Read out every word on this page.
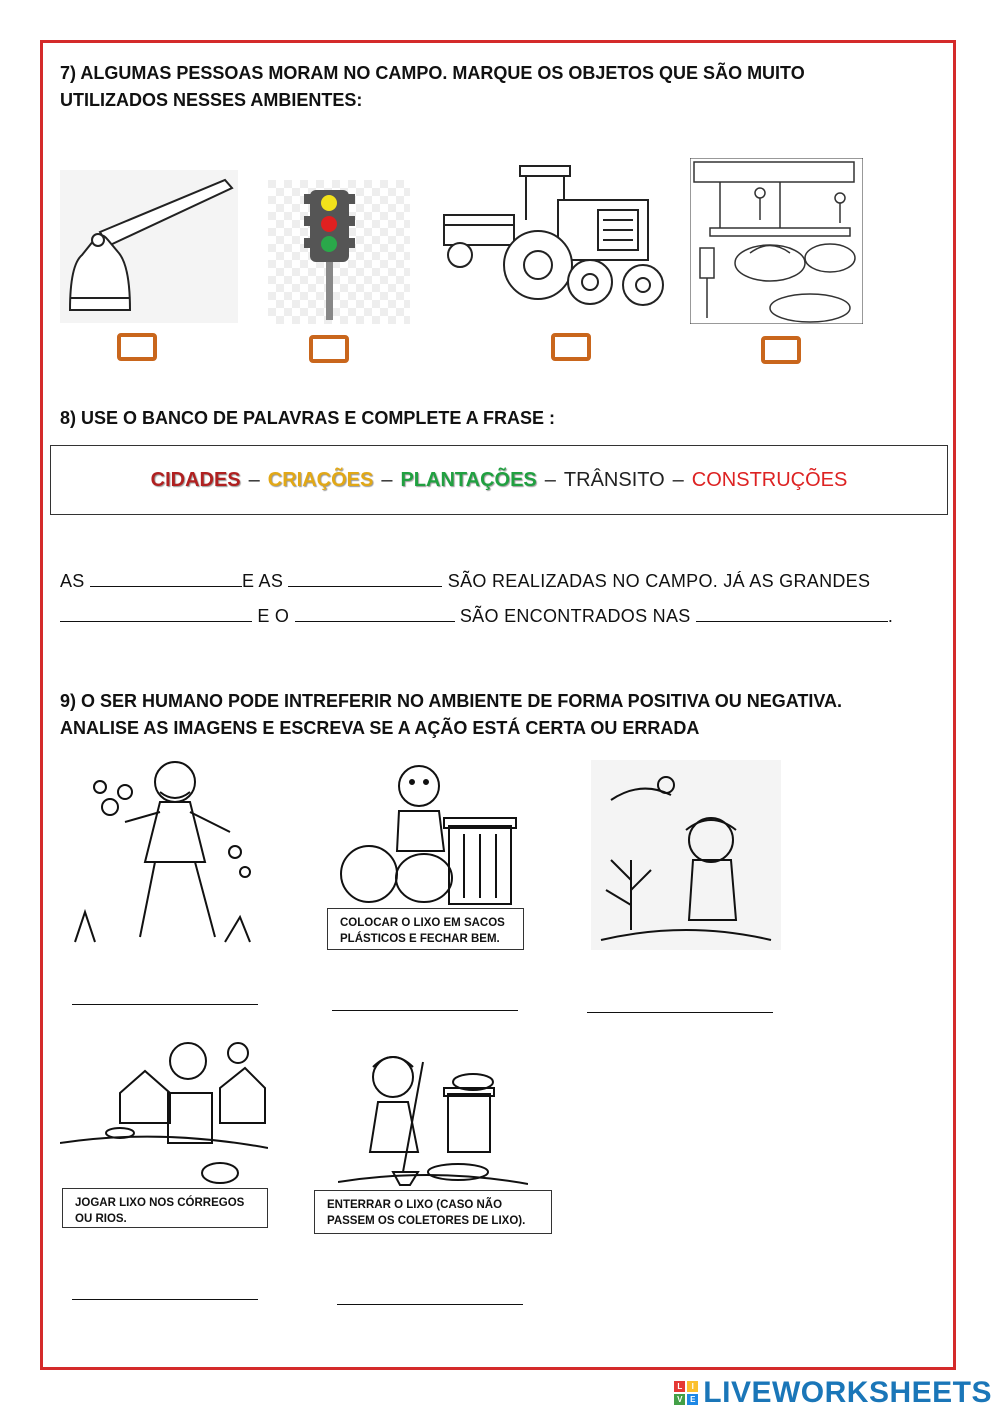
7) ALGUMAS PESSOAS MORAM NO CAMPO. MARQUE OS OBJETOS QUE SÃO MUITO
UTILIZADOS NESSES AMBIENTES:
8) USE O BANCO DE PALAVRAS E COMPLETE A FRASE :
CIDADES – CRIAÇÕES – PLANTAÇÕES – TRÂNSITO – CONSTRUÇÕES
AS	E AS	SÃO REALIZADAS NO CAMPO. JÁ AS GRANDES
E O	SÃO ENCONTRADOS NAS	.
9) O SER HUMANO PODE INTREFERIR NO AMBIENTE DE FORMA POSITIVA OU NEGATIVA.
ANALISE AS IMAGENS E ESCREVA SE A AÇÃO ESTÁ CERTA OU ERRADA
COLOCAR O LIXO EM SACOS
PLÁSTICOS E FECHAR BEM.
JOGAR LIXO NOS CÓRREGOS
OU RIOS.
ENTERRAR O LIXO (CASO NÃO
PASSEM OS COLETORES DE LIXO).
L	I
V E LIVEWORKSHEETS
